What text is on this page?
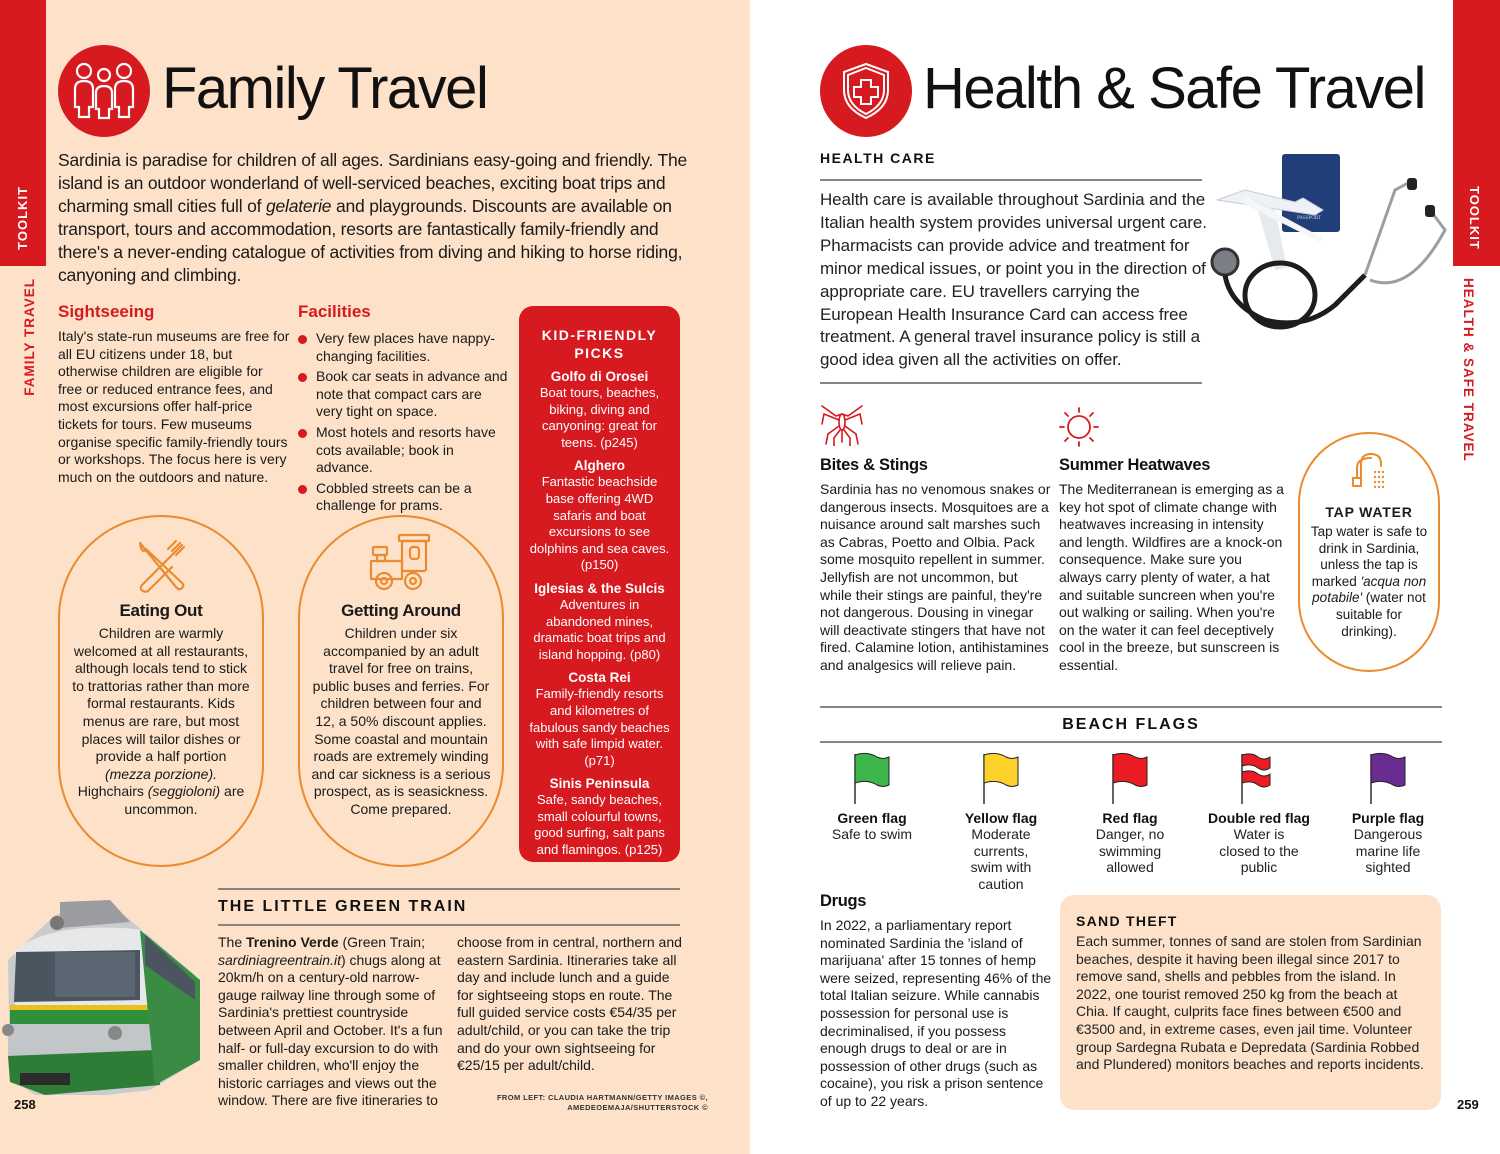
TOOLKIT
FAMILY TRAVEL
Family Travel

Sardinia is paradise for children of all ages. Sardinians easy-going and friendly. The island is an outdoor wonderland of well-serviced beaches, exciting boat trips and charming small cities full of gelaterie and playgrounds. Discounts are available on transport, tours and accommodation, resorts are fantastically family-friendly and there's a never-ending catalogue of activities from diving and hiking to horse riding, canyoning and climbing.

Sightseeing

Italy's state-run museums are free for all EU citizens under 18, but otherwise children are eligible for free or reduced entrance fees, and most excursions offer half-price tickets for tours. Few museums organise specific family-friendly tours or workshops. The focus here is very much on the outdoors and nature.

Facilities
Very few places have nappy-changing facilities.
Book car seats in advance and note that compact cars are very tight on space.
Most hotels and resorts have cots available; book in advance.
Cobbled streets can be a challenge for prams.
KID-FRIENDLY PICKS
Golfo di Orosei
Boat tours, beaches, biking, diving and canyoning: great for teens. (p245)
Alghero
Fantastic beachside base offering 4WD safaris and boat excursions to see dolphins and sea caves. (p150)
Iglesias & the Sulcis
Adventures in abandoned mines, dramatic boat trips and island hopping. (p80)
Costa Rei
Family-friendly resorts and kilometres of fabulous sandy beaches with safe limpid water. (p71)
Sinis Peninsula
Safe, sandy beaches, small colourful towns, good surfing, salt pans and flamingos. (p125)
Eating Out

Children are warmly welcomed at all restaurants, although locals tend to stick to trattorias rather than more formal restaurants. Kids menus are rare, but most places will tailor dishes or provide a half portion (mezza porzione). Highchairs (seggioloni) are uncommon.

Getting Around

Children under six accompanied by an adult travel for free on trains, public buses and ferries. For children between four and 12, a 50% discount applies. Some coastal and mountain roads are extremely winding and car sickness is a serious prospect, as is seasickness. Come prepared.

THE LITTLE GREEN TRAIN

The Trenino Verde (Green Train; sardiniagreentrain.it) chugs along at 20km/h on a century-old narrow-gauge railway line through some of Sardinia's prettiest countryside between April and October. It's a fun half- or full-day excursion to do with smaller children, who'll enjoy the historic carriages and views out the window. There are five itineraries to

choose from in central, northern and eastern Sardinia. Itineraries take all day and include lunch and a guide for sightseeing stops en route. The full guided service costs €54/35 per adult/child, or you can take the trip and do your own sightseeing for €25/15 per adult/child.

FROM LEFT: CLAUDIA HARTMANN/GETTY IMAGES ©,
AMEDEOEMAJA/SHUTTERSTOCK ©
258
TOOLKIT
HEALTH & SAFE TRAVEL
Health & Safe Travel
HEALTH CARE

Health care is available throughout Sardinia and the Italian health system provides universal urgent care. Pharmacists can provide advice and treatment for minor medical issues, or point you in the direction of appropriate care. EU travellers carrying the European Health Insurance Card can access free treatment. A general travel insurance policy is still a good idea given all the activities on offer.

PASSPORT
Bites & Stings

Sardinia has no venomous snakes or dangerous insects. Mosquitoes are a nuisance around salt marshes such as Cabras, Poetto and Olbia. Pack some mosquito repellent in summer. Jellyfish are not uncommon, but while their stings are painful, they're not dangerous. Dousing in vinegar will deactivate stingers that have not fired. Calamine lotion, antihistamines and analgesics will relieve pain.

Summer Heatwaves

The Mediterranean is emerging as a key hot spot of climate change with heatwaves increasing in intensity and length. Wildfires are a knock-on consequence. Make sure you always carry plenty of water, a hat and suitable suncreen when you're out walking or sailing. When you're on the water it can feel deceptively cool in the breeze, but sunscreen is essential.

TAP WATER

Tap water is safe to drink in Sardinia, unless the tap is marked 'acqua non potabile' (water not suitable for drinking).

BEACH FLAGS
Green flag
Safe to swim
Yellow flag
Moderate currents, swim with caution
Red flag
Danger, no swimming allowed
Double red flag
Water is closed to the public
Purple flag
Dangerous marine life sighted
Drugs

In 2022, a parliamentary report nominated Sardinia the 'island of marijuana' after 15 tonnes of hemp were seized, representing 46% of the total Italian seizure. While cannabis possession for personal use is decriminalised, if you possess enough drugs to deal or are in possession of other drugs (such as cocaine), you risk a prison sentence of up to 22 years.

SAND THEFT

Each summer, tonnes of sand are stolen from Sardinian beaches, despite it having been illegal since 2017 to remove sand, shells and pebbles from the island. In 2022, one tourist removed 250 kg from the beach at Chia. If caught, culprits face fines between €500 and €3500 and, in extreme cases, even jail time. Volunteer group Sardegna Rubata e Depredata (Sardinia Robbed and Plundered) monitors beaches and reports incidents.

259
